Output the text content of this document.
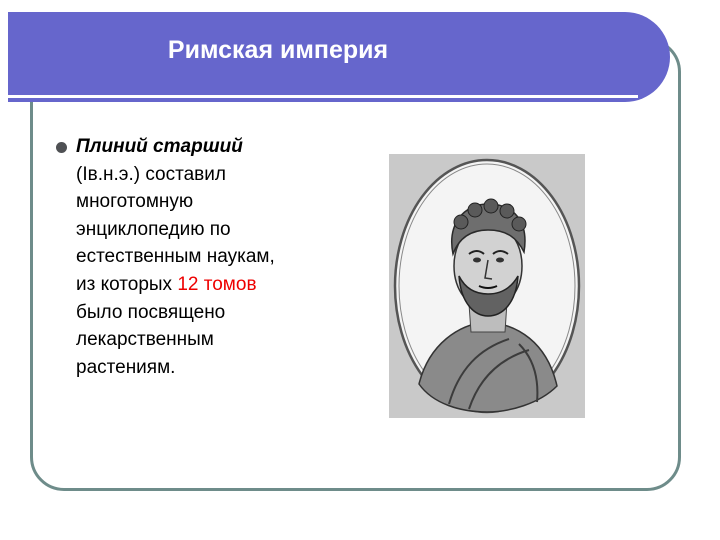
Римская империя
Плиний старший
(Iв.н.э.) составил
многотомную
энциклопедию по
естественным наукам,
из которых 12 томов
было посвящено
лекарственным
растениям.
